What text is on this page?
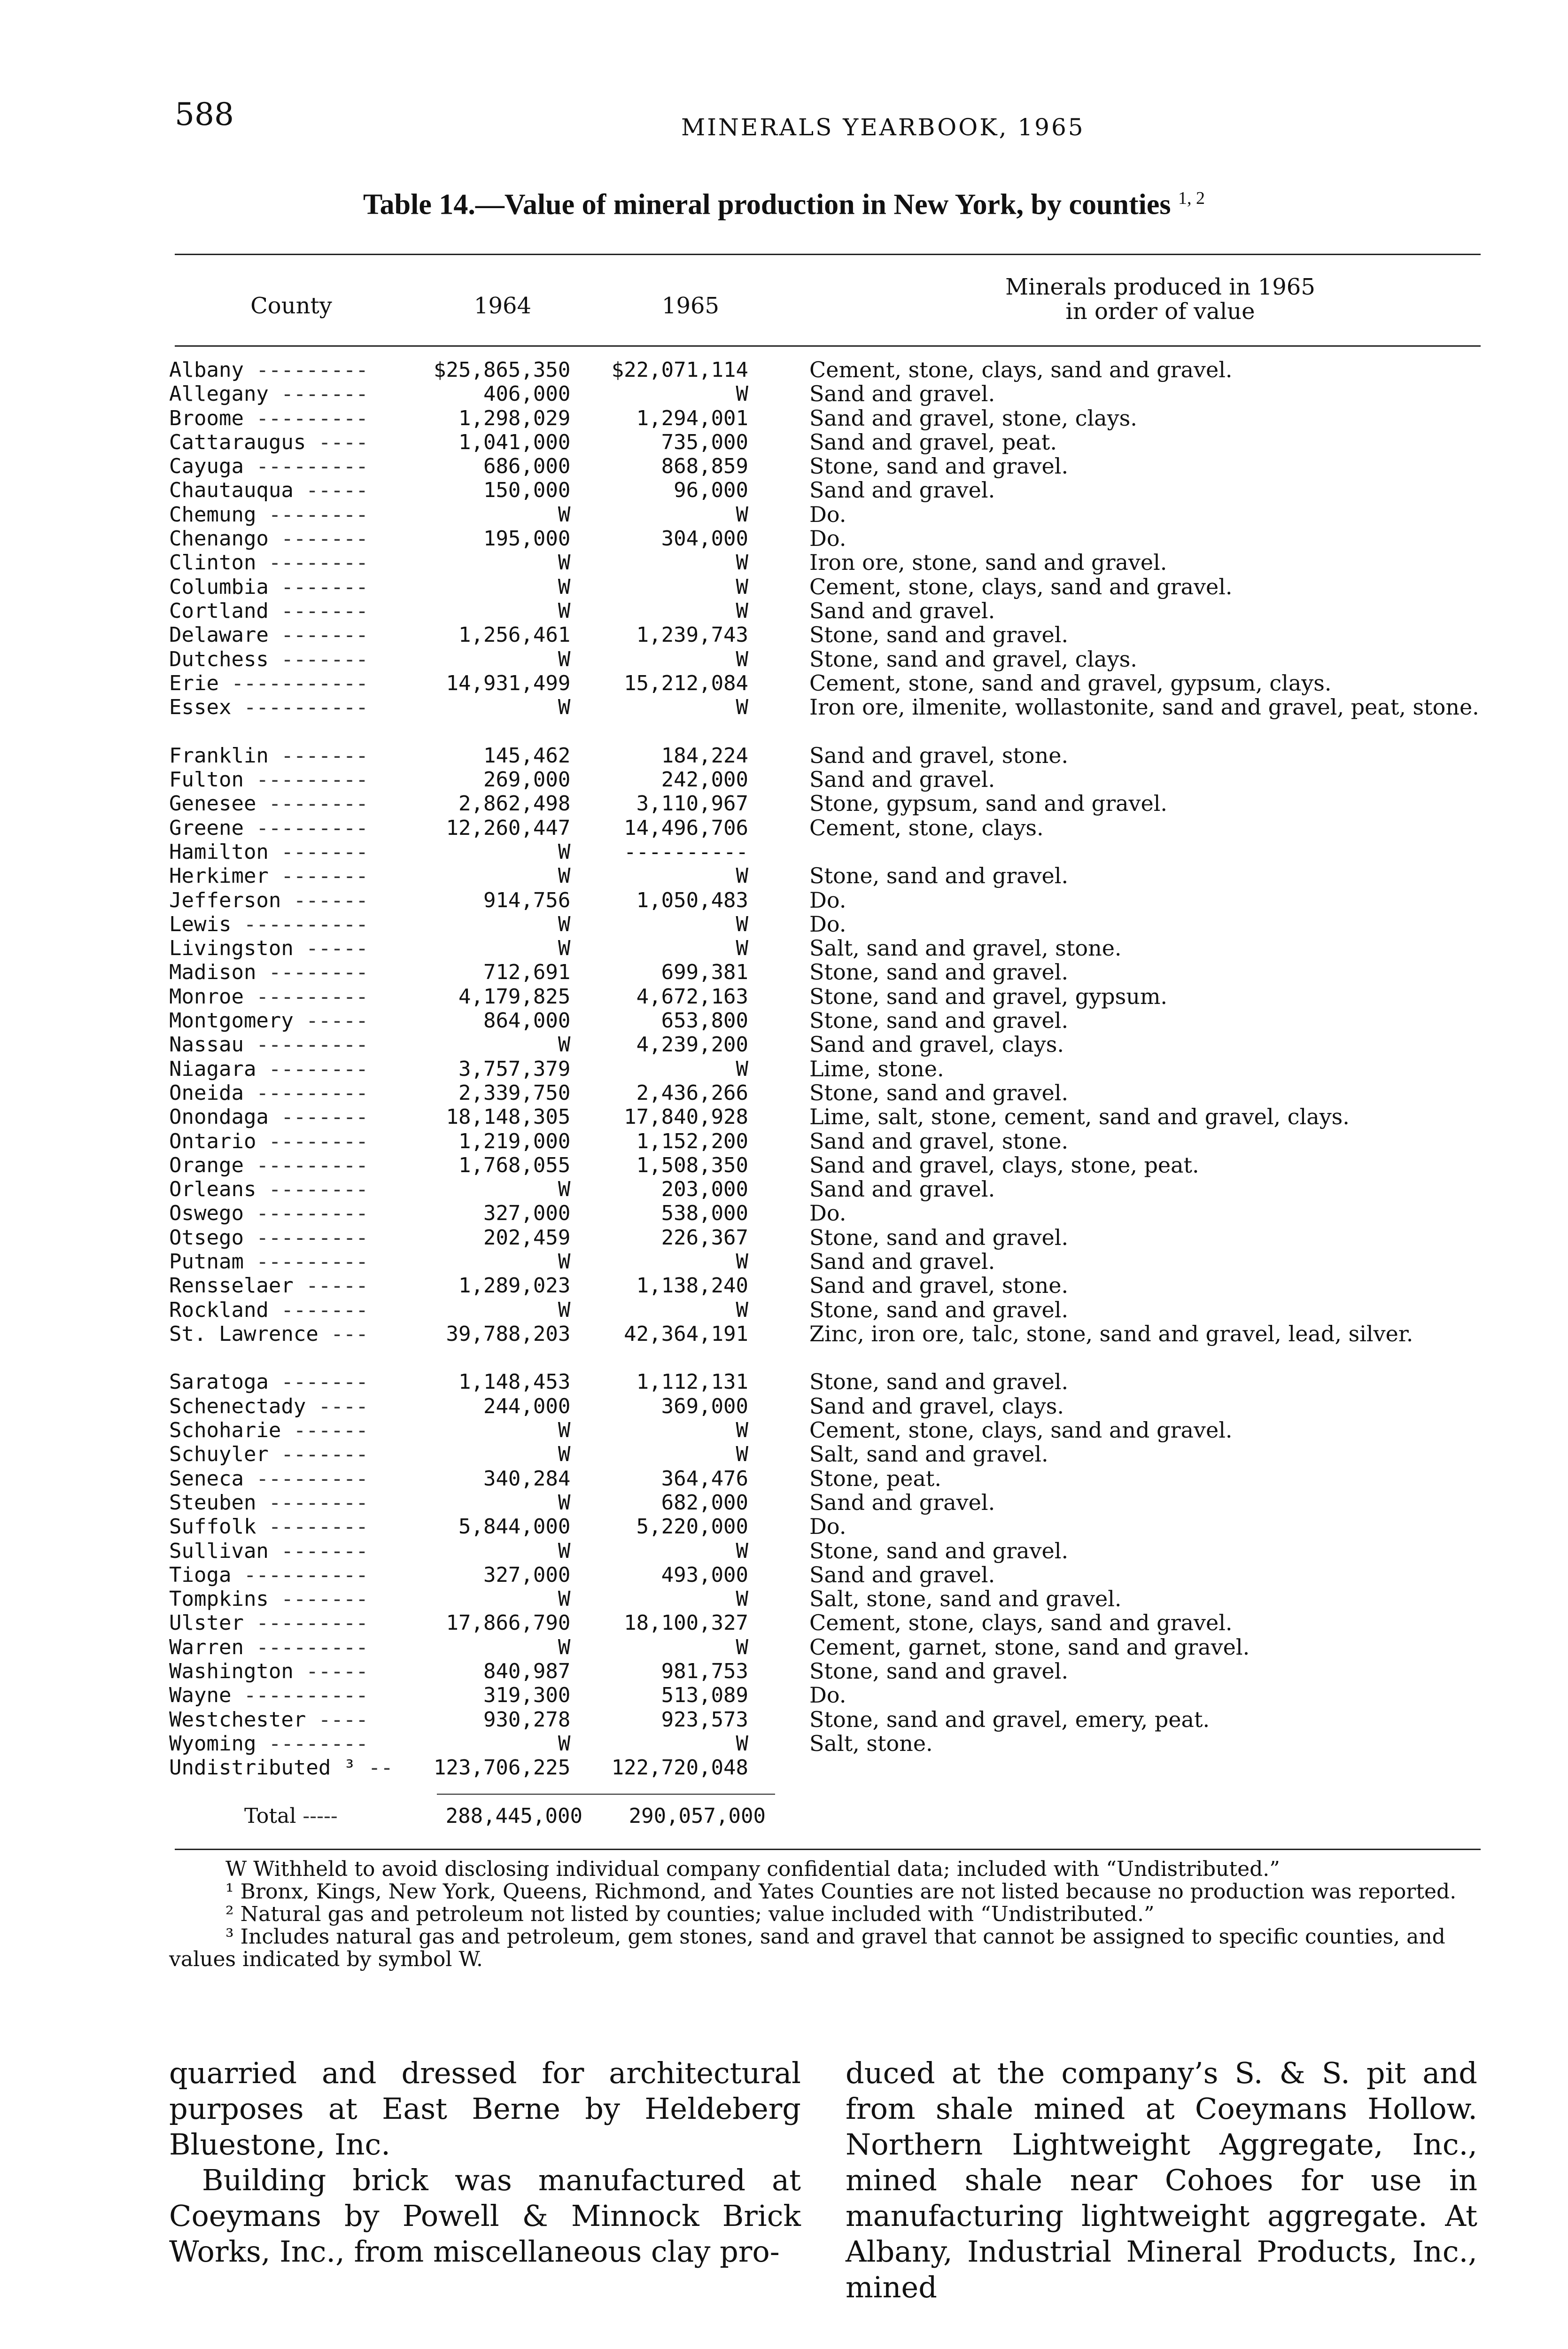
588	MINERALS YEARBOOK, 1965
Table 14.—Value of mineral production in New York, by counties $^{1, 2}$
County	1964	1965
Minerals produced in 1965
in order of value
Albany ---------	$25,865,350	$22,071,114	Cement, stone, clays, sand and gravel.
Allegany -------	406,000	W	Sand and gravel.
Broome ---------	1,298,029	1,294,001	Sand and gravel, stone, clays.
Cattaraugus ----	1,041,000	735,000	Sand and gravel, peat.
Cayuga ---------	686,000	868,859	Stone, sand and gravel.
Chautauqua -----	150,000	96,000	Sand and gravel.
Chemung --------	W	W	Do.
Chenango -------	195,000	304,000	Do.
Clinton --------	W	W	Iron ore, stone, sand and gravel.
Columbia -------	W	W	Cement, stone, clays, sand and gravel.
Cortland -------	W	W	Sand and gravel.
Delaware -------	1,256,461	1,239,743	Stone, sand and gravel.
Dutchess -------	W	W	Stone, sand and gravel, clays.
Erie -----------	14,931,499	15,212,084	Cement, stone, sand and gravel, gypsum, clays.
Essex ----------	W	W	Iron ore, ilmenite, wollastonite, sand and gravel, peat, stone.
Franklin -------	145,462	184,224	Sand and gravel, stone.
Fulton ---------	269,000	242,000	Sand and gravel.
Genesee --------	2,862,498	3,110,967	Stone, gypsum, sand and gravel.
Greene ---------	12,260,447	14,496,706	Cement, stone, clays.
Hamilton -------	W	----------
Herkimer -------	W	W	Stone, sand and gravel.
Jefferson ------	914,756	1,050,483	Do.
Lewis ----------	W	W	Do.
Livingston -----	W	W	Salt, sand and gravel, stone.
Madison --------	712,691	699,381	Stone, sand and gravel.
Monroe ---------	4,179,825	4,672,163	Stone, sand and gravel, gypsum.
Montgomery -----	864,000	653,800	Stone, sand and gravel.
Nassau ---------	W	4,239,200	Sand and gravel, clays.
Niagara --------	3,757,379	W	Lime, stone.
Oneida ---------	2,339,750	2,436,266	Stone, sand and gravel.
Onondaga -------	18,148,305	17,840,928	Lime, salt, stone, cement, sand and gravel, clays.
Ontario --------	1,219,000	1,152,200	Sand and gravel, stone.
Orange ---------	1,768,055	1,508,350	Sand and gravel, clays, stone, peat.
Orleans --------	W	203,000	Sand and gravel.
Oswego ---------	327,000	538,000	Do.
Otsego ---------	202,459	226,367	Stone, sand and gravel.
Putnam ---------	W	W	Sand and gravel.
Rensselaer -----	1,289,023	1,138,240	Sand and gravel, stone.
Rockland -------	W	W	Stone, sand and gravel.
St. Lawrence ---	39,788,203	42,364,191	Zinc, iron ore, talc, stone, sand and gravel, lead, silver.
Saratoga -------	1,148,453	1,112,131	Stone, sand and gravel.
Schenectady ----	244,000	369,000	Sand and gravel, clays.
Schoharie ------	W	W	Cement, stone, clays, sand and gravel.
Schuyler -------	W	W	Salt, sand and gravel.
Seneca ---------	340,284	364,476	Stone, peat.
Steuben --------	W	682,000	Sand and gravel.
Suffolk --------	5,844,000	5,220,000	Do.
Sullivan -------	W	W	Stone, sand and gravel.
Tioga ----------	327,000	493,000	Sand and gravel.
Tompkins -------	W	W	Salt, stone, sand and gravel.
Ulster ---------	17,866,790	18,100,327	Cement, stone, clays, sand and gravel.
Warren ---------	W	W	Cement, garnet, stone, sand and gravel.
Washington -----	840,987	981,753	Stone, sand and gravel.
Wayne ----------	319,300	513,089	Do.
Westchester ----	930,278	923,573	Stone, sand and gravel, emery, peat.
Wyoming --------	W	W	Salt, stone.
Undistributed ³ --	123,706,225	122,720,048
Total -----	288,445,000	290,057,000

W Withheld to avoid disclosing individual company confidential data; included with “Undistributed.”

¹ Bronx, Kings, New York, Queens, Richmond, and Yates Counties are not listed because no production was reported.

² Natural gas and petroleum not listed by counties; value included with “Undistributed.”

³ Includes natural gas and petroleum, gem stones, sand and gravel that cannot be assigned to specific counties, and values indicated by symbol W.

quarried and dressed for architectural purposes at East Berne by Heldeberg Bluestone, Inc.

Building brick was manufactured at Coeymans by Powell & Minnock Brick Works, Inc., from miscellaneous clay pro-

duced at the company’s S. & S. pit and from shale mined at Coeymans Hollow. Northern Lightweight Aggregate, Inc., mined shale near Cohoes for use in manufacturing lightweight aggregate. At Albany, Industrial Mineral Products, Inc., mined
